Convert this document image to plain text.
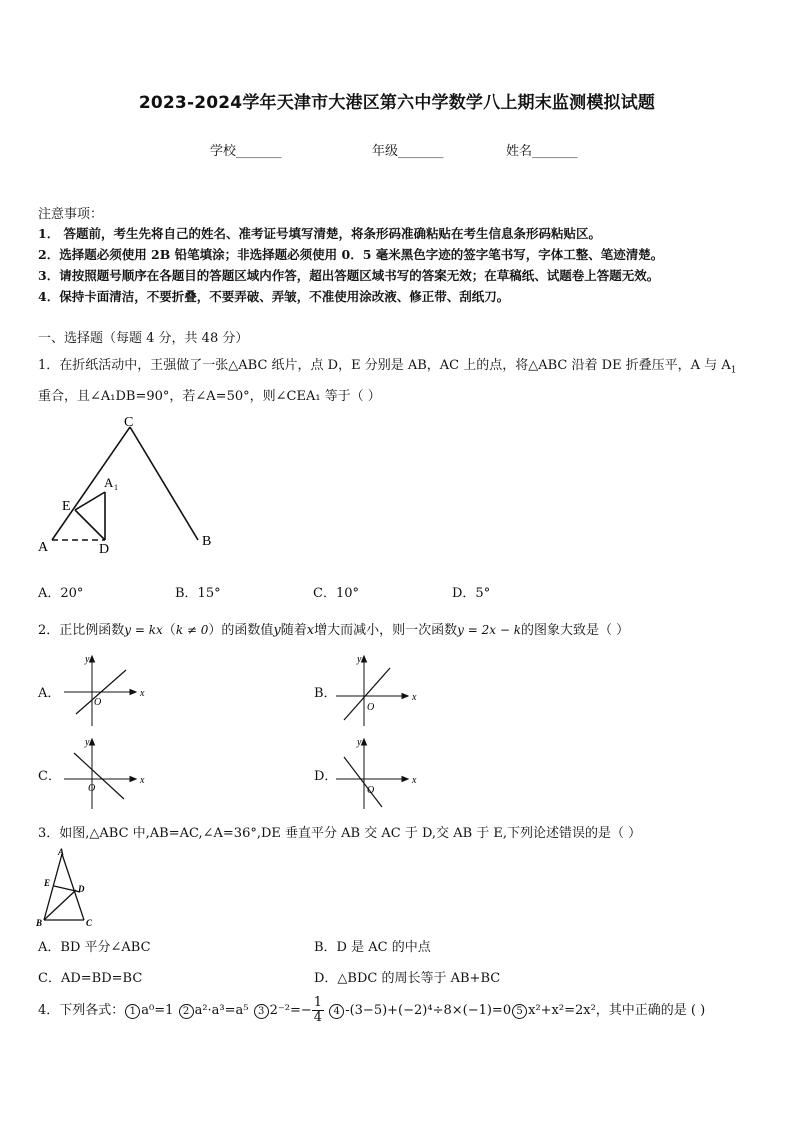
2023-2024学年天津市大港区第六中学数学八上期末监测模拟试题
学校_______	年级_______	姓名_______
注意事项：
1． 答题前，考生先将自己的姓名、准考证号填写清楚，将条形码准确粘贴在考生信息条形码粘贴区。
2．选择题必须使用 2B 铅笔填涂；非选择题必须使用 0．5 毫米黑色字迹的签字笔书写，字体工整、笔迹清楚。
3．请按照题号顺序在各题目的答题区域内作答，超出答题区域书写的答案无效；在草稿纸、试题卷上答题无效。
4．保持卡面清洁，不要折叠，不要弄破、弄皱，不准使用涂改液、修正带、刮纸刀。
一、选择题（每题 4 分，共 48 分）
1．在折纸活动中，王强做了一张△ABC 纸片，点 D，E 分别是 AB，AC 上的点，将△ABC 沿着 DE 折叠压平，A 与 $A_1$
重合，且∠A₁DB=90°，若∠A=50°，则∠CEA₁ 等于（ ）
C
A 1
E
A	D
B
A．20°	B．15°	C．10°	D．5°
2．正比例函数y = kx（k ≠ 0）的函数值y随着x增大而减小，则一次函数y = 2x − k的图象大致是（ ）
A．	x
y
O
B．	x
y
O
C．	x
y
O
D．	x
y
O
3．如图,△ABC 中,AB=AC,∠A=36°,DE 垂直平分 AB 交 AC 于 D,交 AB 于 E,下列论述错误的是（ ）
A
E
D
B	C
A．BD 平分∠ABC	B．D 是 AC 的中点
C．AD=BD=BC	D．△BDC 的周长等于 AB+BC
4．下列各式： 1 a⁰=1 2 a²·a³=a⁵ 3 $2^{-2}=- \frac{1}{4} 4$ -(3−5)+(−2)⁴÷8×(−1)=0 5 x²+x²=2x²，其中正确的是 ( )
